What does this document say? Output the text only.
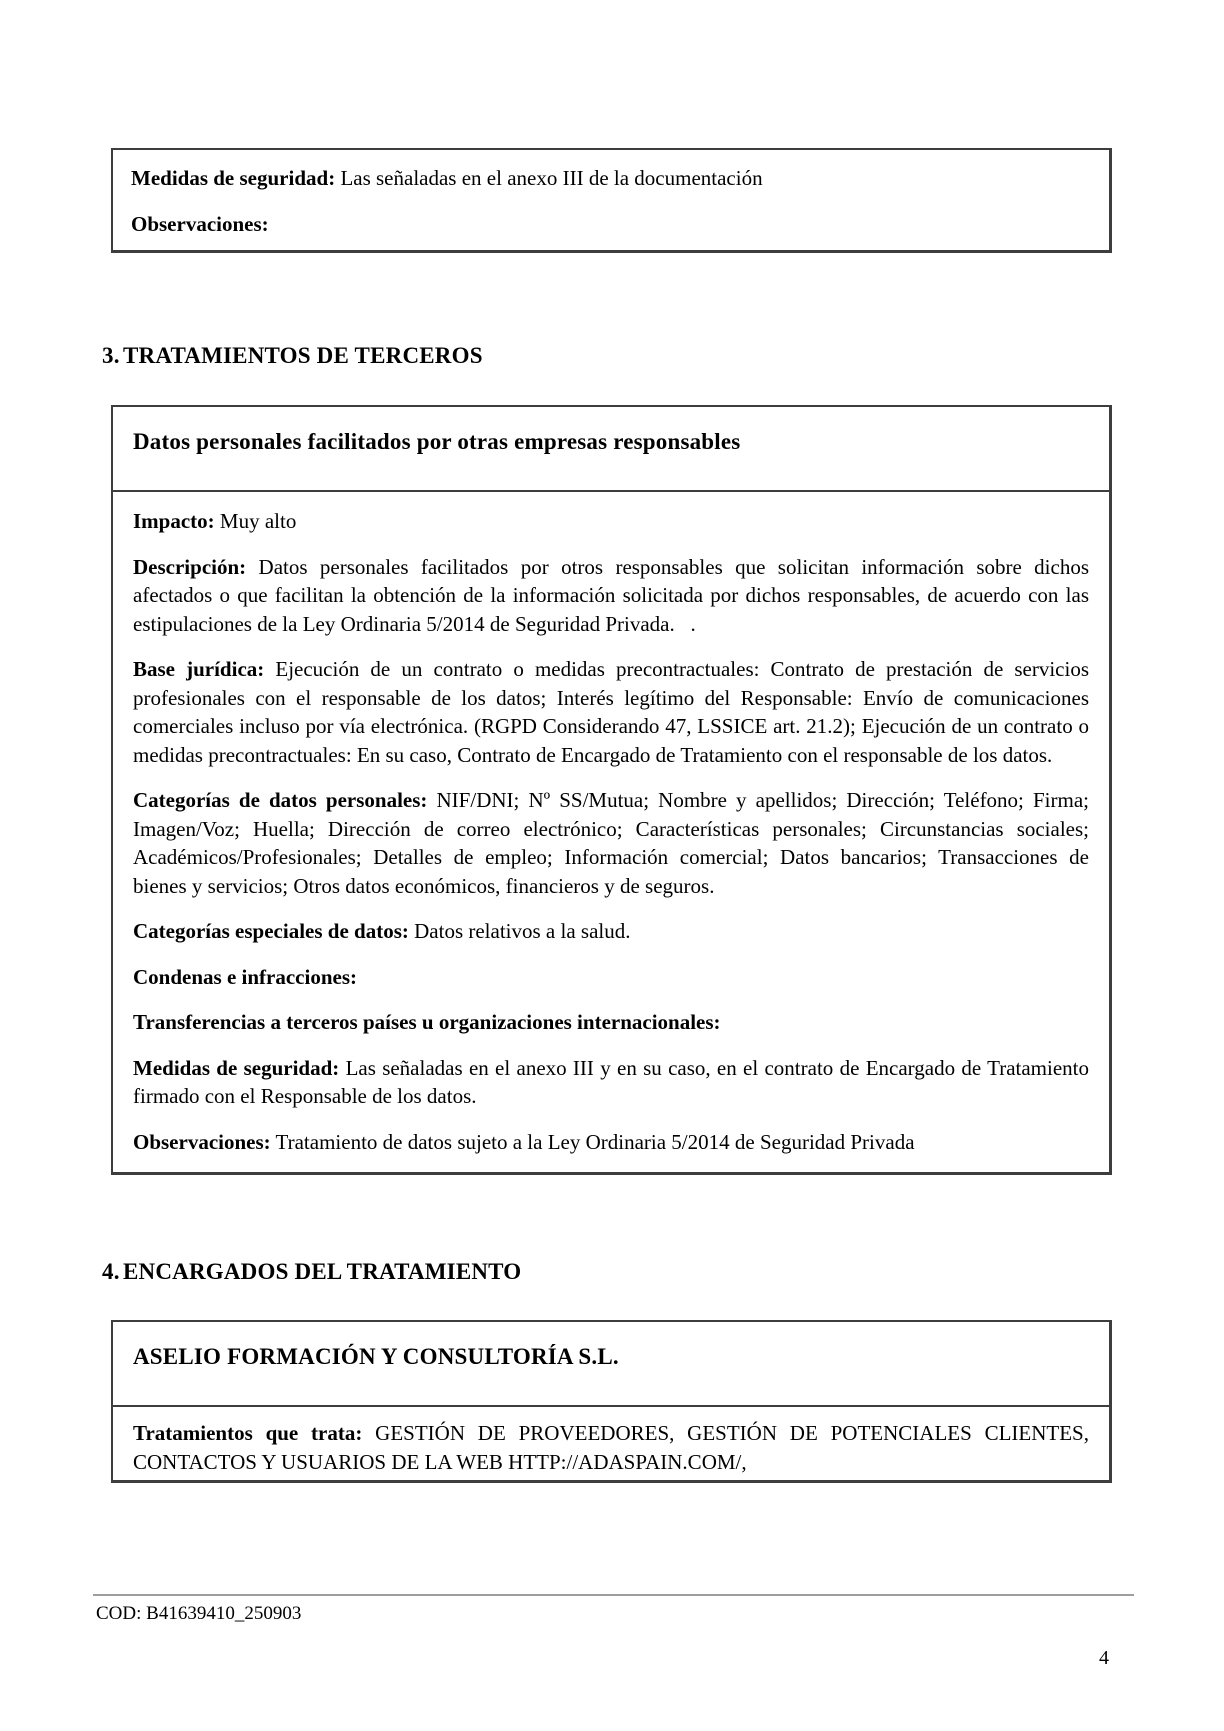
Medidas de seguridad: Las señaladas en el anexo III de la documentación

Observaciones:

3. TRATAMIENTOS DE TERCEROS
Datos personales facilitados por otras empresas responsables

Impacto: Muy alto

Descripción: Datos personales facilitados por otros responsables que solicitan información sobre dichos afectados o que facilitan la obtención de la información solicitada por dichos responsables, de acuerdo con las estipulaciones de la Ley Ordinaria 5/2014 de Seguridad Privada.   .

Base jurídica: Ejecución de un contrato o medidas precontractuales: Contrato de prestación de servicios profesionales con el responsable de los datos; Interés legítimo del Responsable: Envío de comunicaciones comerciales incluso por vía electrónica. (RGPD Considerando 47, LSSICE art. 21.2); Ejecución de un contrato o medidas precontractuales: En su caso, Contrato de Encargado de Tratamiento con el responsable de los datos.

Categorías de datos personales: NIF/DNI; Nº SS/Mutua; Nombre y apellidos; Dirección; Teléfono; Firma; Imagen/Voz; Huella; Dirección de correo electrónico; Características personales; Circunstancias sociales; Académicos/Profesionales; Detalles de empleo; Información comercial; Datos bancarios; Transacciones de bienes y servicios; Otros datos económicos, financieros y de seguros.

Categorías especiales de datos: Datos relativos a la salud.

Condenas e infracciones:

Transferencias a terceros países u organizaciones internacionales:

Medidas de seguridad: Las señaladas en el anexo III y en su caso, en el contrato de Encargado de Tratamiento firmado con el Responsable de los datos.

Observaciones: Tratamiento de datos sujeto a la Ley Ordinaria 5/2014 de Seguridad Privada

4. ENCARGADOS DEL TRATAMIENTO
ASELIO FORMACIÓN Y CONSULTORÍA S.L.

Tratamientos que trata: GESTIÓN DE PROVEEDORES, GESTIÓN DE POTENCIALES CLIENTES, CONTACTOS Y USUARIOS DE LA WEB HTTP://ADASPAIN.COM/,

COD: B41639410_250903
4
